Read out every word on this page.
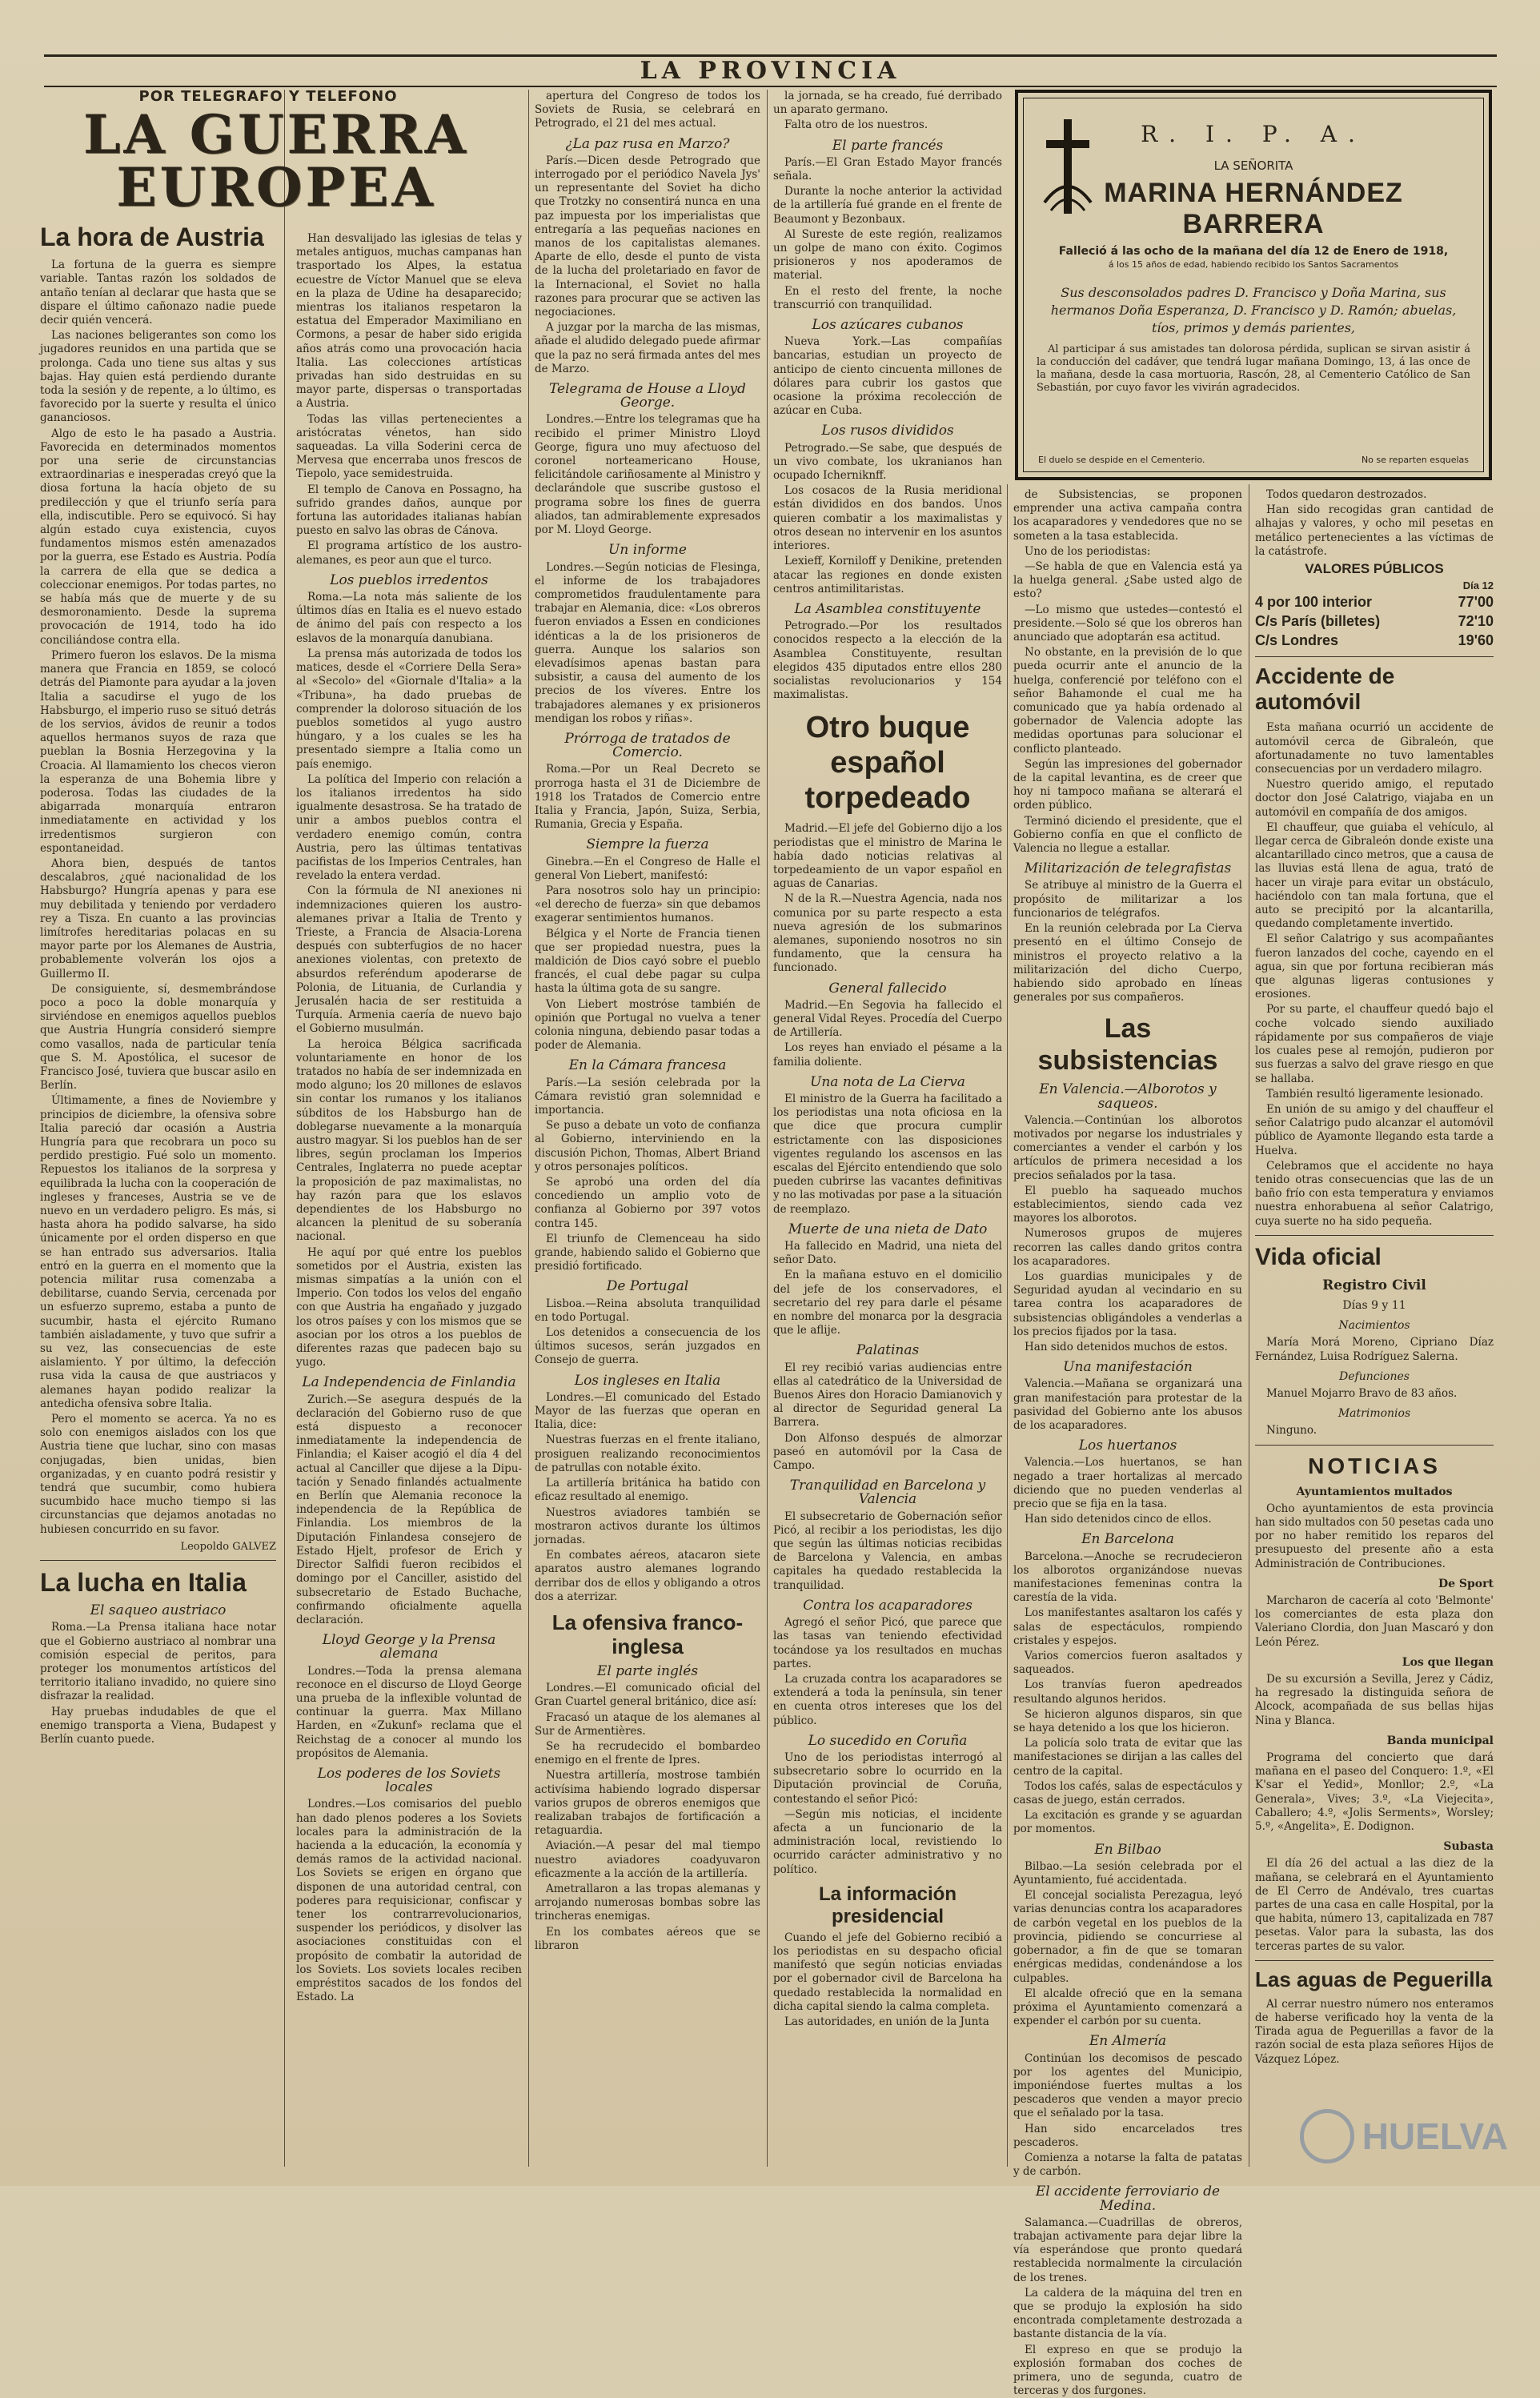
LA PROVINCIA
POR TELEGRAFO Y TELEFONO
LA GUERRA
EUROPEA
La hora de Austria

La fortuna de la guerra es siempre variable. Tantas razón los soldados de antaño tenían al declarar que hasta que se dispare el último cañonazo nadie puede decir quién vencerá.

Las naciones beligerantes son como los jugadores reunidos en una partida que se prolonga. Cada uno tiene sus altas y sus bajas. Hay quien está perdiendo durante toda la sesión y de repente, a lo último, es favorecido por la suerte y resulta el único gananciosos.

Algo de esto le ha pasado a Austria. Favorecida en determinados momentos por una serie de circunstancias extraordinarias e inesperadas creyó que la diosa fortuna la hacía objeto de su predilección y que el triunfo sería para ella, indiscutible. Pero se equivocó. Si hay algún estado cuya existencia, cuyos fundamentos mismos estén amenazados por la guerra, ese Estado es Austria. Podía la carrera de ella que se dedica a coleccionar enemigos. Por todas partes, no se había más que de muerte y de su desmoronamiento. Desde la suprema provocación de 1914, todo ha ido conciliándose contra ella.

Primero fueron los eslavos. De la misma manera que Francia en 1859, se colocó detrás del Piamonte para ayudar a la joven Italia a sacudirse el yugo de los Habsburgo, el imperio ruso se situó detrás de los servios, ávidos de reunir a todos aquellos hermanos suyos de raza que pueblan la Bosnia Herzegovina y la Croacia. Al llamamiento los checos vieron la esperanza de una Bohemia libre y poderosa. Todas las ciudades de la abigarrada monarquía entraron inmediatamente en actividad y los irredentismos surgieron con espontaneidad.

Ahora bien, después de tantos descalabros, ¿qué nacionalidad de los Habsburgo? Hungría apenas y para ese muy debilitada y teniendo por verdadero rey a Tisza. En cuanto a las provincias limítrofes hereditarias polacas en su mayor parte por los Alemanes de Austria, probablemente volverán los ojos a Guillermo II.

De consiguiente, sí, desmembrándose poco a poco la doble monarquía y sirviéndose en enemigos aquellos pueblos que Austria Hungría consideró siempre como vasallos, nada de particular tenía que S. M. Apostólica, el sucesor de Francisco José, tuviera que buscar asilo en Berlín.

Últimamente, a fines de Noviembre y principios de diciembre, la ofensiva sobre Italia pareció dar ocasión a Austria Hungría para que recobrara un poco su perdido prestigio. Fué solo un momento. Repuestos los italianos de la sorpresa y equilibrada la lucha con la cooperación de ingleses y franceses, Austria se ve de nuevo en un verdadero peligro. Es más, si hasta ahora ha podido salvarse, ha sido únicamente por el orden disperso en que se han entrado sus adversarios. Italia entró en la guerra en el momento que la potencia militar rusa comenzaba a debilitarse, cuando Servia, cercenada por un esfuerzo supremo, estaba a punto de sucumbir, hasta el ejército Rumano también aisladamente, y tuvo que sufrir a su vez, las consecuencias de este aislamiento. Y por último, la defección rusa vida la causa de que austriacos y alemanes hayan podido realizar la antedicha ofensiva sobre Italia.

Pero el momento se acerca. Ya no es solo con enemigos aislados con los que Austria tiene que luchar, sino con masas conjugadas, bien unidas, bien organizadas, y en cuanto podrá resistir y tendrá que sucumbir, como hubiera sucumbido hace mucho tiempo si las circunstancias que dejamos anotadas no hubiesen concurrido en su favor.

Leopoldo GALVEZ
La lucha en Italia
El saqueo austriaco

Roma.—La Prensa italiana hace notar que el Gobierno austriaco al nombrar una comisión especial de peritos, para proteger los monumentos artísticos del territorio italiano invadido, no quiere sino disfrazar la realidad.

Hay pruebas indudables de que el enemigo transporta a Viena, Budapest y Berlín cuanto puede.

Han desvalijado las iglesias de telas y metales antiguos, muchas campanas han trasportado los Alpes, la estatua ecuestre de Víctor Manuel que se eleva en la plaza de Udine ha desaparecido; mientras los italianos respetaron la estatua del Emperador Maximiliano en Cormons, a pesar de haber sido erigida años atrás como una provocación hacia Italia. Las colecciones artísticas privadas han sido destruidas en su mayor parte, dispersas o transportadas a Austria.

Todas las villas pertenecientes a aristócratas vénetos, han sido saqueadas. La villa Soderini cerca de Mervesa que encerraba unos frescos de Tiepolo, yace semidestruida.

El templo de Canova en Possagno, ha sufrido grandes daños, aunque por fortuna las autoridades italianas habían puesto en salvo las obras de Cánova.

El programa artístico de los austro-alemanes, es peor aun que el turco.

Los pueblos irredentos

Roma.—La nota más saliente de los últimos días en Italia es el nuevo estado de ánimo del país con respecto a los eslavos de la monarquía danubiana.

La prensa más autorizada de todos los matices, desde el «Corriere Della Sera» al «Secolo» del «Giornale d'Italia» a la «Tribuna», ha dado pruebas de comprender la doloroso situación de los pueblos sometidos al yugo austro húngaro, y a los cuales se les ha presentado siempre a Italia como un país enemigo.

La política del Imperio con relación a los italianos irredentos ha sido igualmente desastrosa. Se ha tratado de unir a ambos pueblos contra el verdadero enemigo común, contra Austria, pero las últimas tentativas pacifistas de los Imperios Centrales, han revelado la entera verdad.

Con la fórmula de NI anexiones ni indemnizaciones quieren los austro-alemanes privar a Italia de Trento y Trieste, a Francia de Alsacia-Lorena después con subterfugios de no hacer anexiones violentas, con pretexto de absurdos referéndum apoderarse de Polonia, de Lituania, de Curlandia y Jerusalén hacia de ser restituida a Turquía. Armenia caería de nuevo bajo el Gobierno musulmán.

La heroica Bélgica sacrificada voluntariamente en honor de los tratados no había de ser indemnizada en modo alguno; los 20 millones de eslavos sin contar los rumanos y los italianos súbditos de los Habsburgo han de doblegarse nuevamente a la monarquía austro magyar. Si los pueblos han de ser libres, según proclaman los Imperios Centrales, Inglaterra no puede aceptar la proposición de paz maximalistas, no hay razón para que los eslavos dependientes de los Habsburgo no alcancen la plenitud de su soberanía nacional.

He aquí por qué entre los pueblos sometidos por el Austria, existen las mismas simpatías a la unión con el Imperio. Con todos los velos del engaño con que Austria ha engañado y juzgado los otros países y con los mismos que se asocian por los otros a los pueblos de diferentes razas que padecen bajo su yugo.

La Independencia de Finlandia

Zurich.—Se asegura después de la declaración del Gobierno ruso de que está dispuesto a reconocer inmediatamente la independencia de Finlandia; el Kaiser acogió el día 4 del actual al Canciller que dijese a la Diputación y Senado finlandés actualmente en Berlín que Alemania reconoce la independencia de la República de Finlandia. Los miembros de la Diputación Finlandesa consejero de Estado Hjelt, profesor de Erich y Director Salfidi fueron recibidos el domingo por el Canciller, asistido del subsecretario de Estado Buchache, confirmando oficialmente aquella declaración.

Lloyd George y la Prensa alemana

Londres.—Toda la prensa alemana reconoce en el discurso de Lloyd George una prueba de la inflexible voluntad de continuar la guerra. Max Millano Harden, en «Zukunf» reclama que el Reichstag de a conocer al mundo los propósitos de Alemania.

Los poderes de los Soviets locales

Londres.—Los comisarios del pueblo han dado plenos poderes a los Soviets locales para la administración de la hacienda a la educación, la economía y demás ramos de la actividad nacional. Los Soviets se erigen en órgano que disponen de una autoridad central, con poderes para requisicionar, confiscar y tener los contrarrevolucionarios, suspender los periódicos, y disolver las asociaciones constituidas con el propósito de combatir la autoridad de los Soviets. Los soviets locales reciben empréstitos sacados de los fondos del Estado. La

apertura del Congreso de todos los Soviets de Rusia, se celebrará en Petrogrado, el 21 del mes actual.

¿La paz rusa en Marzo?

París.—Dicen desde Petrogrado que interrogado por el periódico Navela Jys' un representante del Soviet ha dicho que Trotzky no consentirá nunca en una paz impuesta por los imperialistas que entregaría a las pequeñas naciones en manos de los capitalistas alemanes. Aparte de ello, desde el punto de vista de la lucha del proletariado en favor de la Internacional, el Soviet no halla razones para procurar que se activen las negociaciones.

A juzgar por la marcha de las mismas, añade el aludido delegado puede afirmar que la paz no será firmada antes del mes de Marzo.

Telegrama de House a Lloyd George.

Londres.—Entre los telegramas que ha recibido el primer Ministro Lloyd George, figura uno muy afectuoso del coronel norteamericano House, felicitándole cariñosamente al Ministro y declarándole que suscribe gustoso el programa sobre los fines de guerra aliados, tan admirablemente expresados por M. Lloyd George.

Un informe

Londres.—Según noticias de Flesinga, el informe de los trabajadores comprometidos fraudulentamente para trabajar en Alemania, dice: «Los obreros fueron enviados a Essen en condiciones idénticas a la de los prisioneros de guerra. Aunque los salarios son elevadísimos apenas bastan para subsistir, a causa del aumento de los precios de los víveres. Entre los trabajadores alemanes y ex prisioneros mendigan los robos y riñas».

Prórroga de tratados de Comercio.

Roma.—Por un Real Decreto se prorroga hasta el 31 de Diciembre de 1918 los Tratados de Comercio entre Italia y Francia, Japón, Suiza, Serbia, Rumania, Grecia y España.

Siempre la fuerza

Ginebra.—En el Congreso de Halle el general Von Liebert, manifestó:

Para nosotros solo hay un principio: «el derecho de fuerza» sin que debamos exagerar sentimientos humanos.

Bélgica y el Norte de Francia tienen que ser propiedad nuestra, pues la maldición de Dios cayó sobre el pueblo francés, el cual debe pagar su culpa hasta la última gota de su sangre.

Von Liebert mostróse también de opinión que Portugal no vuelva a tener colonia ninguna, debiendo pasar todas a poder de Alemania.

En la Cámara francesa

París.—La sesión celebrada por la Cámara revistió gran solemnidad e importancia.

Se puso a debate un voto de confianza al Gobierno, interviniendo en la discusión Pichon, Thomas, Albert Briand y otros personajes políticos.

Se aprobó una orden del día concediendo un amplio voto de confianza al Gobierno por 397 votos contra 145.

El triunfo de Clemenceau ha sido grande, habiendo salido el Gobierno que presidió fortificado.

De Portugal

Lisboa.—Reina absoluta tranquilidad en todo Portugal.

Los detenidos a consecuencia de los últimos sucesos, serán juzgados en Consejo de guerra.

Los ingleses en Italia

Londres.—El comunicado del Estado Mayor de las fuerzas que operan en Italia, dice:

Nuestras fuerzas en el frente italiano, prosiguen realizando reconocimientos de patrullas con notable éxito.

La artillería británica ha batido con eficaz resultado al enemigo.

Nuestros aviadores también se mostraron activos durante los últimos jornadas.

En combates aéreos, atacaron siete aparatos austro alemanes logrando derribar dos de ellos y obligando a otros dos a aterrizar.

La ofensiva franco-inglesa
El parte inglés

Londres.—El comunicado oficial del Gran Cuartel general británico, dice así:

Fracasó un ataque de los alemanes al Sur de Armentières.

Se ha recrudecido el bombardeo enemigo en el frente de Ipres.

Nuestra artillería, mostrose también activísima habiendo logrado dispersar varios grupos de obreros enemigos que realizaban trabajos de fortificación a retaguardia.

Aviación.—A pesar del mal tiempo nuestro aviadores coadyuvaron eficazmente a la acción de la artillería.

Ametrallaron a las tropas alemanas y arrojando numerosas bombas sobre las trincheras enemigas.

En los combates aéreos que se libraron

la jornada, se ha creado, fué derribado un aparato germano.

Falta otro de los nuestros.

El parte francés

París.—El Gran Estado Mayor francés señala.

Durante la noche anterior la actividad de la artillería fué grande en el frente de Beaumont y Bezonbaux.

Al Sureste de este región, realizamos un golpe de mano con éxito. Cogimos prisioneros y nos apoderamos de material.

En el resto del frente, la noche transcurrió con tranquilidad.

Los azúcares cubanos

Nueva York.—Las compañías bancarias, estudian un proyecto de anticipo de ciento cincuenta millones de dólares para cubrir los gastos que ocasione la próxima recolección de azúcar en Cuba.

Los rusos divididos

Petrogrado.—Se sabe, que después de un vivo combate, los ukranianos han ocupado Icherniknff.

Los cosacos de la Rusia meridional están divididos en dos bandos. Unos quieren combatir a los maximalistas y otros desean no intervenir en los asuntos interiores.

Lexieff, Korniloff y Denikine, pretenden atacar las regiones en donde existen centros antimilitaristas.

La Asamblea constituyente

Petrogrado.—Por los resultados conocidos respecto a la elección de la Asamblea Constituyente, resultan elegidos 435 diputados entre ellos 280 socialistas revolucionarios y 154 maximalistas.

Otro buque español torpedeado

Madrid.—El jefe del Gobierno dijo a los periodistas que el ministro de Marina le había dado noticias relativas al torpedeamiento de un vapor español en aguas de Canarias.

N de la R.—Nuestra Agencia, nada nos comunica por su parte respecto a esta nueva agresión de los submarinos alemanes, suponiendo nosotros no sin fundamento, que la censura ha funcionado.

General fallecido

Madrid.—En Segovia ha fallecido el general Vidal Reyes. Procedía del Cuerpo de Artillería.

Los reyes han enviado el pésame a la familia doliente.

Una nota de La Cierva

El ministro de la Guerra ha facilitado a los periodistas una nota oficiosa en la que dice que procura cumplir estrictamente con las disposiciones vigentes regulando los ascensos en las escalas del Ejército entendiendo que solo pueden cubrirse las vacantes definitivas y no las motivadas por pase a la situación de reemplazo.

Muerte de una nieta de Dato

Ha fallecido en Madrid, una nieta del señor Dato.

En la mañana estuvo en el domicilio del jefe de los conservadores, el secretario del rey para darle el pésame en nombre del monarca por la desgracia que le aflije.

Palatinas

El rey recibió varias audiencias entre ellas al catedrático de la Universidad de Buenos Aires don Horacio Damianovich y al director de Seguridad general La Barrera.

Don Alfonso después de almorzar paseó en automóvil por la Casa de Campo.

Tranquilidad en Barcelona y Valencia

El subsecretario de Gobernación señor Picó, al recibir a los periodistas, les dijo que según las últimas noticias recibidas de Barcelona y Valencia, en ambas capitales ha quedado restablecida la tranquilidad.

Contra los acaparadores

Agregó el señor Picó, que parece que las tasas van teniendo efectividad tocándose ya los resultados en muchas partes.

La cruzada contra los acaparadores se extenderá a toda la península, sin tener en cuenta otros intereses que los del público.

Lo sucedido en Coruña

Uno de los periodistas interrogó al subsecretario sobre lo ocurrido en la Diputación provincial de Coruña, contestando el señor Picó:

—Según mis noticias, el incidente afecta a un funcionario de la administración local, revistiendo lo ocurrido carácter administrativo y no político.

La información presidencial

Cuando el jefe del Gobierno recibió a los periodistas en su despacho oficial manifestó que según noticias enviadas por el gobernador civil de Barcelona ha quedado restablecida la normalidad en dicha capital siendo la calma completa.

Las autoridades, en unión de la Junta

R. I. P. A.
LA SEÑORITA
MARINA HERNÁNDEZ BARRERA
Falleció á las ocho de la mañana del día 12 de Enero de 1918,
á los 15 años de edad, habiendo recibido los Santos Sacramentos
Sus desconsolados padres D. Francisco y Doña Marina, sus hermanos Doña Esperanza, D. Francisco y D. Ramón; abuelas, tíos, primos y demás parientes,
Al participar á sus amistades tan dolorosa pérdida, suplican se sirvan asistir á la conducción del cadáver, que tendrá lugar mañana Domingo, 13, á las once de la mañana, desde la casa mortuoria, Rascón, 28, al Cementerio Católico de San Sebastián, por cuyo favor les vivirán agradecidos.
El duelo se despide en el Cementerio.	No se reparten esquelas

de Subsistencias, se proponen emprender una activa campaña contra los acaparadores y vendedores que no se someten a la tasa establecida.

Uno de los periodistas:

—Se habla de que en Valencia está ya la huelga general. ¿Sabe usted algo de esto?

—Lo mismo que ustedes—contestó el presidente.—Solo sé que los obreros han anunciado que adoptarán esa actitud.

No obstante, en la previsión de lo que pueda ocurrir ante el anuncio de la huelga, conferencié por teléfono con el señor Bahamonde el cual me ha comunicado que ya había ordenado al gobernador de Valencia adopte las medidas oportunas para solucionar el conflicto planteado.

Según las impresiones del gobernador de la capital levantina, es de creer que hoy ni tampoco mañana se alterará el orden público.

Terminó diciendo el presidente, que el Gobierno confía en que el conflicto de Valencia no llegue a estallar.

Militarización de telegrafistas

Se atribuye al ministro de la Guerra el propósito de militarizar a los funcionarios de telégrafos.

En la reunión celebrada por La Cierva presentó en el último Consejo de ministros el proyecto relativo a la militarización del dicho Cuerpo, habiendo sido aprobado en líneas generales por sus compañeros.

Las subsistencias
En Valencia.—Alborotos y saqueos.

Valencia.—Continúan los alborotos motivados por negarse los industriales y comerciantes a vender el carbón y los artículos de primera necesidad a los precios señalados por la tasa.

El pueblo ha saqueado muchos establecimientos, siendo cada vez mayores los alborotos.

Numerosos grupos de mujeres recorren las calles dando gritos contra los acaparadores.

Los guardias municipales y de Seguridad ayudan al vecindario en su tarea contra los acaparadores de subsistencias obligándoles a venderlas a los precios fijados por la tasa.

Han sido detenidos muchos de estos.

Una manifestación

Valencia.—Mañana se organizará una gran manifestación para protestar de la pasividad del Gobierno ante los abusos de los acaparadores.

Los huertanos

Valencia.—Los huertanos, se han negado a traer hortalizas al mercado diciendo que no pueden venderlas al precio que se fija en la tasa.

Han sido detenidos cinco de ellos.

En Barcelona

Barcelona.—Anoche se recrudecieron los alborotos organizándose nuevas manifestaciones femeninas contra la carestía de la vida.

Los manifestantes asaltaron los cafés y salas de espectáculos, rompiendo cristales y espejos.

Varios comercios fueron asaltados y saqueados.

Los tranvías fueron apedreados resultando algunos heridos.

Se hicieron algunos disparos, sin que se haya detenido a los que los hicieron.

La policía solo trata de evitar que las manifestaciones se dirijan a las calles del centro de la capital.

Todos los cafés, salas de espectáculos y casas de juego, están cerrados.

La excitación es grande y se aguardan por momentos.

En Bilbao

Bilbao.—La sesión celebrada por el Ayuntamiento, fué accidentada.

El concejal socialista Perezagua, leyó varias denuncias contra los acaparadores de carbón vegetal en los pueblos de la provincia, pidiendo se concurriese al gobernador, a fin de que se tomaran enérgicas medidas, condenándose a los culpables.

El alcalde ofreció que en la semana próxima el Ayuntamiento comenzará a expender el carbón por su cuenta.

En Almería

Continúan los decomisos de pescado por los agentes del Municipio, imponiéndose fuertes multas a los pescaderos que venden a mayor precio que el señalado por la tasa.

Han sido encarcelados tres pescaderos.

Comienza a notarse la falta de patatas y de carbón.

El accidente ferroviario de Medina.

Salamanca.—Cuadrillas de obreros, trabajan activamente para dejar libre la vía esperándose que pronto quedará restablecida normalmente la circulación de los trenes.

La caldera de la máquina del tren en que se produjo la explosión ha sido encontrada completamente destrozada a bastante distancia de la vía.

El expreso en que se produjo la explosión formaban dos coches de primera, uno de segunda, cuatro de terceras y dos furgones.

Todos quedaron destrozados.

Han sido recogidas gran cantidad de alhajas y valores, y ocho mil pesetas en metálico pertenecientes a las víctimas de la catástrofe.

VALORES PÚBLICOS
Día 12
4 por 100 interior	77'00
C/s París (billetes)	72'10
C/s Londres	19'60
Accidente de automóvil

Esta mañana ocurrió un accidente de automóvil cerca de Gibraleón, que afortunadamente no tuvo lamentables consecuencias por un verdadero milagro.

Nuestro querido amigo, el reputado doctor don José Calatrigo, viajaba en un automóvil en compañía de dos amigos.

El chauffeur, que guiaba el vehículo, al llegar cerca de Gibraleón donde existe una alcantarillado cinco metros, que a causa de las lluvias está llena de agua, trató de hacer un viraje para evitar un obstáculo, haciéndolo con tan mala fortuna, que el auto se precipitó por la alcantarilla, quedando completamente invertido.

El señor Calatrigo y sus acompañantes fueron lanzados del coche, cayendo en el agua, sin que por fortuna recibieran más que algunas ligeras contusiones y erosiones.

Por su parte, el chauffeur quedó bajo el coche volcado siendo auxiliado rápidamente por sus compañeros de viaje los cuales pese al remojón, pudieron por sus fuerzas a salvo del grave riesgo en que se hallaba.

También resultó ligeramente lesionado.

En unión de su amigo y del chauffeur el señor Calatrigo pudo alcanzar el automóvil público de Ayamonte llegando esta tarde a Huelva.

Celebramos que el accidente no haya tenido otras consecuencias que las de un baño frío con esta temperatura y enviamos nuestra enhorabuena al señor Calatrigo, cuya suerte no ha sido pequeña.

Vida oficial
Registro Civil
Días 9 y 11
Nacimientos

María Morá Moreno, Cipriano Díaz Fernández, Luisa Rodríguez Salerna.

Defunciones

Manuel Mojarro Bravo de 83 años.

Matrimonios

Ninguno.

NOTICIAS
Ayuntamientos multados

Ocho ayuntamientos de esta provincia han sido multados con 50 pesetas cada uno por no haber remitido los reparos del presupuesto del presente año a esta Administración de Contribuciones.

De Sport

Marcharon de cacería al coto 'Belmonte' los comerciantes de esta plaza don Valeriano Clordia, don Juan Mascaró y don León Pérez.

Los que llegan

De su excursión a Sevilla, Jerez y Cádiz, ha regresado la distinguida señora de Alcock, acompañada de sus bellas hijas Nina y Blanca.

Banda municipal

Programa del concierto que dará mañana en el paseo del Conquero: 1.º, «El K'sar el Yedid», Monllor; 2.º, «La Generala», Vives; 3.º, «La Viejecita», Caballero; 4.º, «Jolis Serments», Worsley; 5.º, «Angelita», E. Dodignon.

Subasta

El día 26 del actual a las diez de la mañana, se celebrará en el Ayuntamiento de El Cerro de Andévalo, tres cuartas partes de una casa en calle Hospital, por la que habita, número 13, capitalizada en 787 pesetas. Valor para la subasta, las dos terceras partes de su valor.

Las aguas de Peguerilla

Al cerrar nuestro número nos enteramos de haberse verificado hoy la venta de la Tirada agua de Peguerillas a favor de la razón social de esta plaza señores Hijos de Vázquez López.

HUELVA
